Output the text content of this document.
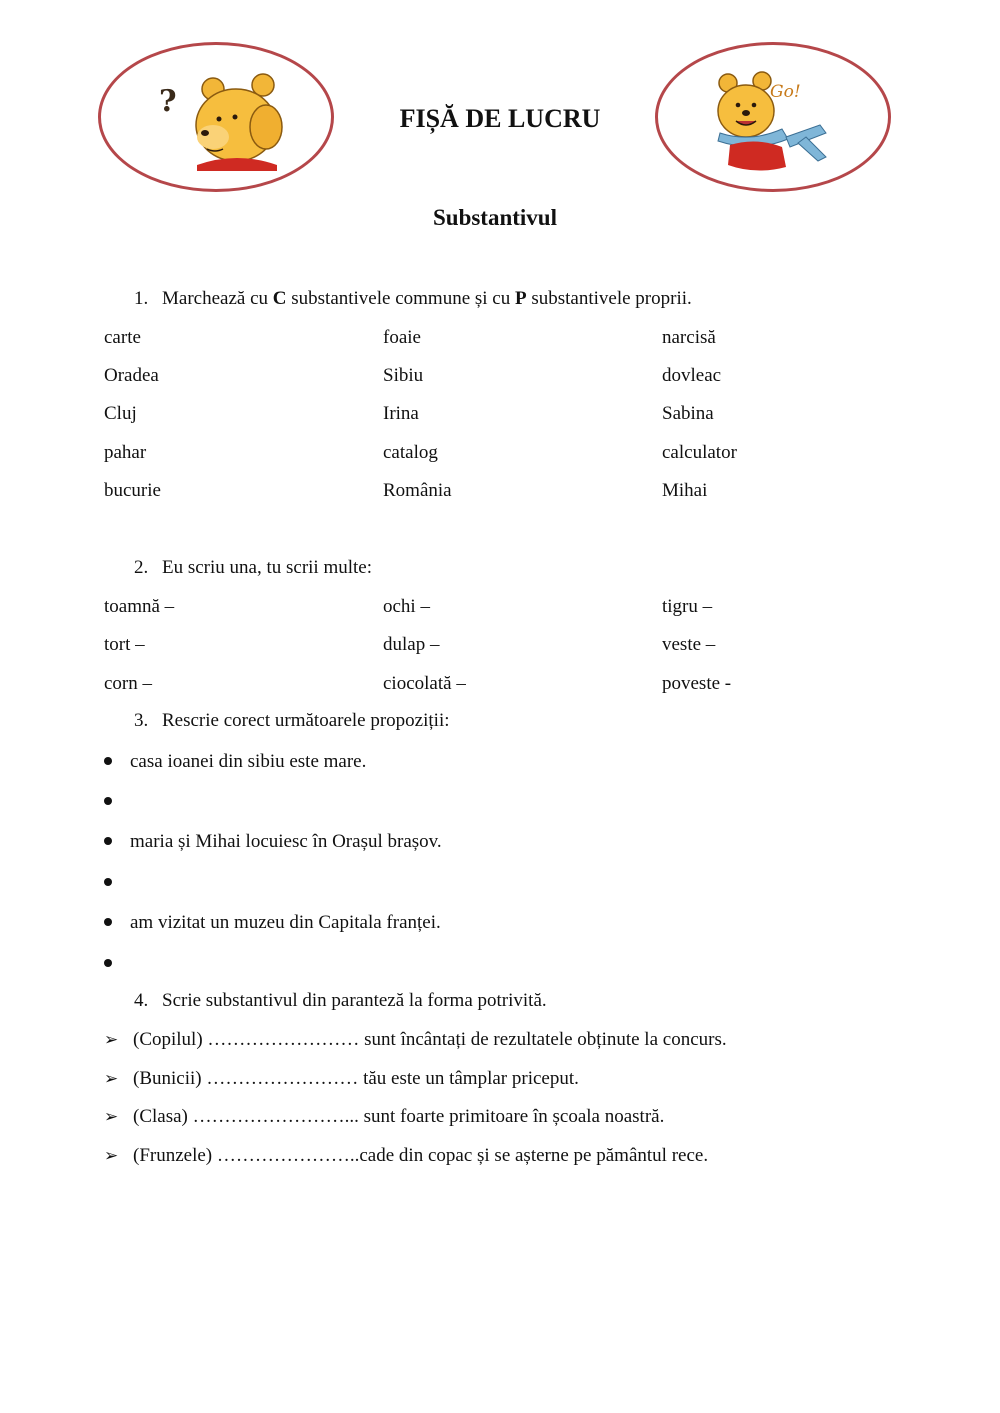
?	FIȘĂ DE LUCRU
Go!
Substantivul
1. Marchează cu C substantivele commune și cu P substantivele proprii.
carte	foaie	narcisă
Oradea	Sibiu	dovleac
Cluj	Irina	Sabina
pahar	catalog	calculator
bucurie	România	Mihai
2. Eu scriu una, tu scrii multe:
toamnă –	ochi –	tigru –
tort –	dulap –	veste –
corn –	ciocolată –	poveste -
3. Rescrie corect următoarele propoziții:
casa ioanei din sibiu este mare.
maria și Mihai locuiesc în Orașul brașov.
am vizitat un muzeu din Capitala franței.
4. Scrie substantivul din paranteză la forma potrivită.
➢ (Copilul) …………………… sunt încântați de rezultatele obținute la concurs.
➢ (Bunicii) …………………… tău este un tâmplar priceput.
➢ (Clasa) ……………………... sunt foarte primitoare în școala noastră.
➢ (Frunzele) …………………..cade din copac și se așterne pe pământul rece.
